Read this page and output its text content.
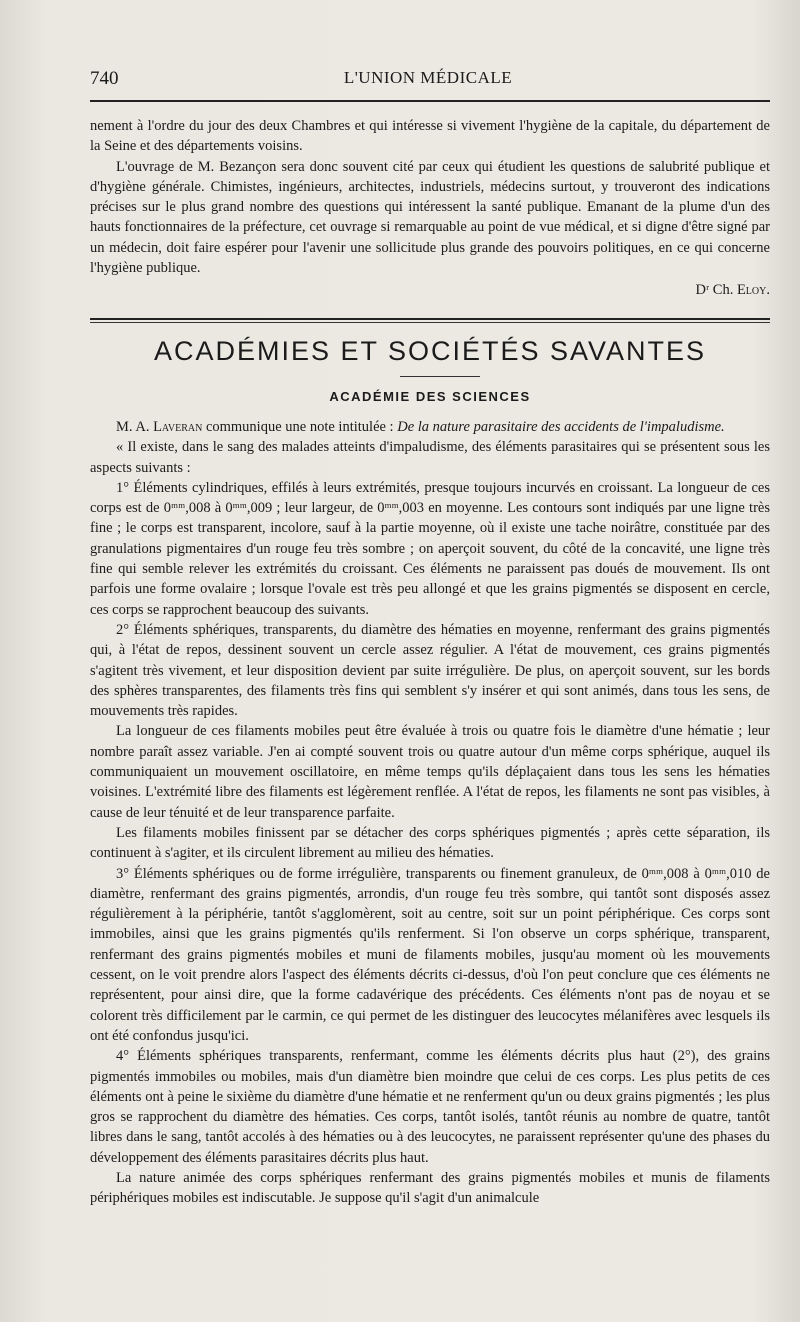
740	L'UNION MÉDICALE

nement à l'ordre du jour des deux Chambres et qui intéresse si vivement l'hygiène de la capitale, du département de la Seine et des départements voisins.

L'ouvrage de M. Bezançon sera donc souvent cité par ceux qui étudient les questions de salubrité publique et d'hygiène générale. Chimistes, ingénieurs, architectes, industriels, médecins surtout, y trouveront des indications précises sur le plus grand nombre des questions qui intéressent la santé publique. Emanant de la plume d'un des hauts fonctionnaires de la préfecture, cet ouvrage si remarquable au point de vue médical, et si digne d'être signé par un médecin, doit faire espérer pour l'avenir une sollicitude plus grande des pouvoirs politiques, en ce qui concerne l'hygiène publique.

Dʳ Ch. Eloy.
ACADÉMIES ET SOCIÉTÉS SAVANTES
ACADÉMIE DES SCIENCES

M. A. Laveran communique une note intitulée : De la nature parasitaire des accidents de l'impaludisme.

« Il existe, dans le sang des malades atteints d'impaludisme, des éléments parasitaires qui se présentent sous les aspects suivants :

1° Éléments cylindriques, effilés à leurs extrémités, presque toujours incurvés en croissant. La longueur de ces corps est de 0ᵐᵐ,008 à 0ᵐᵐ,009 ; leur largeur, de 0ᵐᵐ,003 en moyenne. Les contours sont indiqués par une ligne très fine ; le corps est transparent, incolore, sauf à la partie moyenne, où il existe une tache noirâtre, constituée par des granulations pigmentaires d'un rouge feu très sombre ; on aperçoit souvent, du côté de la concavité, une ligne très fine qui semble relever les extrémités du croissant. Ces éléments ne paraissent pas doués de mouvement. Ils ont parfois une forme ovalaire ; lorsque l'ovale est très peu allongé et que les grains pigmentés se disposent en cercle, ces corps se rapprochent beaucoup des suivants.

2° Éléments sphériques, transparents, du diamètre des hématies en moyenne, renfermant des grains pigmentés qui, à l'état de repos, dessinent souvent un cercle assez régulier. A l'état de mouvement, ces grains pigmentés s'agitent très vivement, et leur disposition devient par suite irrégulière. De plus, on aperçoit souvent, sur les bords des sphères transparentes, des filaments très fins qui semblent s'y insérer et qui sont animés, dans tous les sens, de mouvements très rapides.

La longueur de ces filaments mobiles peut être évaluée à trois ou quatre fois le diamètre d'une hématie ; leur nombre paraît assez variable. J'en ai compté souvent trois ou quatre autour d'un même corps sphérique, auquel ils communiquaient un mouvement oscillatoire, en même temps qu'ils déplaçaient dans tous les sens les hématies voisines. L'extrémité libre des filaments est légèrement renflée. A l'état de repos, les filaments ne sont pas visibles, à cause de leur ténuité et de leur transparence parfaite.

Les filaments mobiles finissent par se détacher des corps sphériques pigmentés ; après cette séparation, ils continuent à s'agiter, et ils circulent librement au milieu des hématies.

3° Éléments sphériques ou de forme irrégulière, transparents ou finement granuleux, de 0ᵐᵐ,008 à 0ᵐᵐ,010 de diamètre, renfermant des grains pigmentés, arrondis, d'un rouge feu très sombre, qui tantôt sont disposés assez régulièrement à la périphérie, tantôt s'agglomèrent, soit au centre, soit sur un point périphérique. Ces corps sont immobiles, ainsi que les grains pigmentés qu'ils renferment. Si l'on observe un corps sphérique, transparent, renfermant des grains pigmentés mobiles et muni de filaments mobiles, jusqu'au moment où les mouvements cessent, on le voit prendre alors l'aspect des éléments décrits ci-dessus, d'où l'on peut conclure que ces éléments ne représentent, pour ainsi dire, que la forme cadavérique des précédents. Ces éléments n'ont pas de noyau et se colorent très difficilement par le carmin, ce qui permet de les distinguer des leucocytes mélanifères avec lesquels ils ont été confondus jusqu'ici.

4° Éléments sphériques transparents, renfermant, comme les éléments décrits plus haut (2°), des grains pigmentés immobiles ou mobiles, mais d'un diamètre bien moindre que celui de ces corps. Les plus petits de ces éléments ont à peine le sixième du diamètre d'une hématie et ne renferment qu'un ou deux grains pigmentés ; les plus gros se rapprochent du diamètre des hématies. Ces corps, tantôt isolés, tantôt réunis au nombre de quatre, tantôt libres dans le sang, tantôt accolés à des hématies ou à des leucocytes, ne paraissent représenter qu'une des phases du développement des éléments parasitaires décrits plus haut.

La nature animée des corps sphériques renfermant des grains pigmentés mobiles et munis de filaments périphériques mobiles est indiscutable. Je suppose qu'il s'agit d'un animalcule
